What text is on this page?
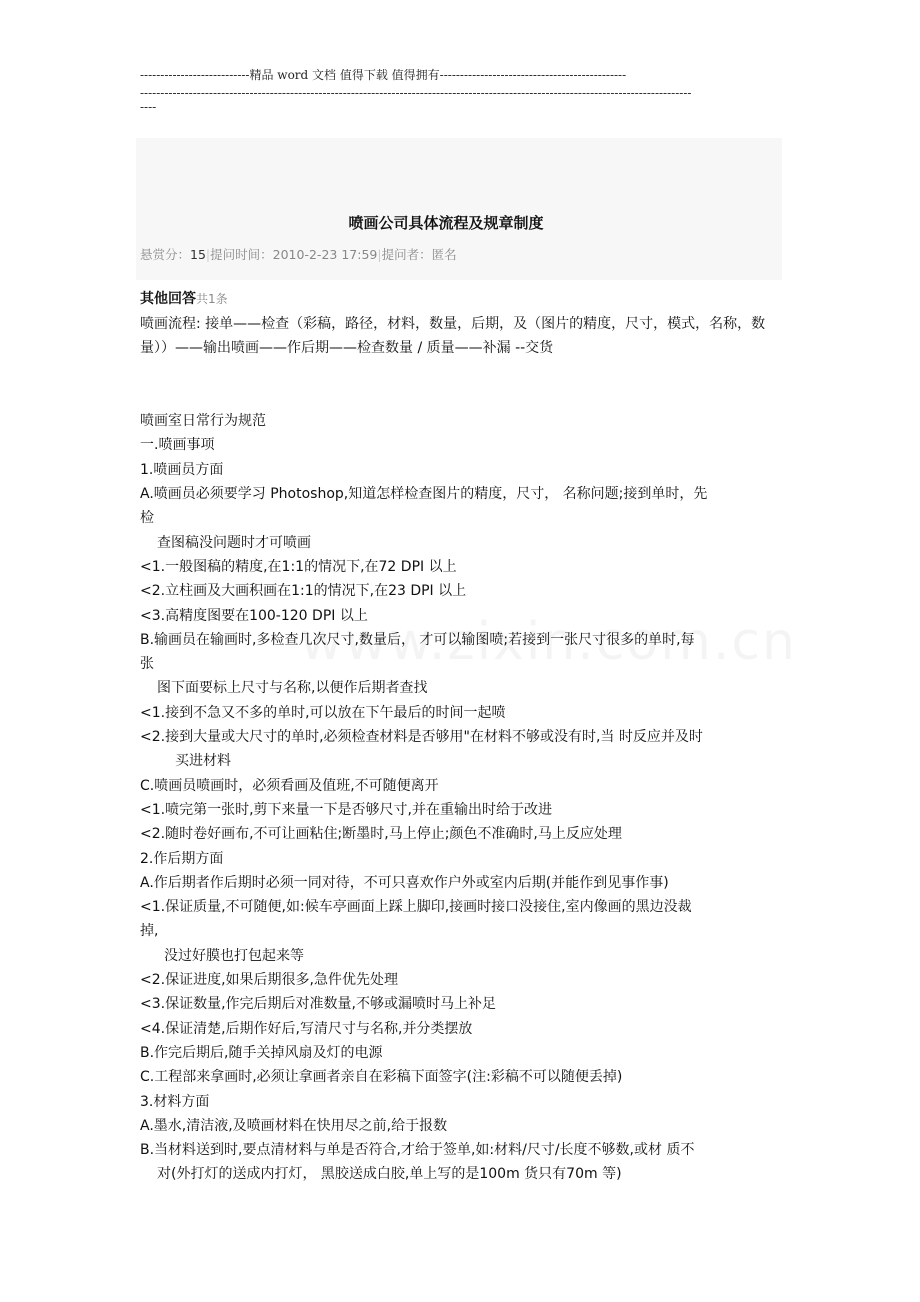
---------------------------精品 word 文档 值得下载 值得拥有----------------------------------------------
----------------------------------------------------------------------------------------------------------------------------------------
----
喷画公司具体流程及规章制度
悬赏分：15|提问时间：2010-2-23 17:59|提问者：匿名
其他回答共1条
喷画流程: 接单——检查（彩稿，路径，材料，数量，后期，及（图片的精度，尺寸，模式，名称，数量））——输出喷画——作后期——检查数量 / 质量——补漏 --交货
喷画室日常行为规范
一.喷画事项
1.喷画员方面
A.喷画员必须要学习 Photoshop,知道怎样检查图片的精度，尺寸， 名称问题;接到单时，先
检
查图稿没问题时才可喷画
<1.一般图稿的精度,在1:1的情况下,在72 DPI 以上
<2.立柱画及大画积画在1:1的情况下,在23 DPI 以上
<3.高精度图要在100-120 DPI 以上
B.输画员在输画时,多检查几次尺寸,数量后， 才可以输图喷;若接到一张尺寸很多的单时,每
张
图下面要标上尺寸与名称,以便作后期者查找
<1.接到不急又不多的单时,可以放在下午最后的时间一起喷
<2.接到大量或大尺寸的单时,必须检查材料是否够用"在材料不够或没有时,当 时反应并及时
买进材料
C.喷画员喷画时，必须看画及值班,不可随便离开
<1.喷完第一张时,剪下来量一下是否够尺寸,并在重输出时给于改进
<2.随时卷好画布,不可让画粘住;断墨时,马上停止;颜色不准确时,马上反应处理
2.作后期方面
A.作后期者作后期时必须一同对待，不可只喜欢作户外或室内后期(并能作到见事作事)
<1.保证质量,不可随便,如:候车亭画面上踩上脚印,接画时接口没接住,室内像画的黑边没裁
掉,
没过好膜也打包起来等
<2.保证进度,如果后期很多,急件优先处理
<3.保证数量,作完后期后对准数量,不够或漏喷时马上补足
<4.保证清楚,后期作好后,写清尺寸与名称,并分类摆放
B.作完后期后,随手关掉风扇及灯的电源
C.工程部来拿画时,必须让拿画者亲自在彩稿下面签字(注:彩稿不可以随便丢掉)
3.材料方面
A.墨水,清洁液,及喷画材料在快用尽之前,给于报数
B.当材料送到时,要点清材料与单是否符合,才给于签单,如:材料/尺寸/长度不够数,或材 质不
对(外打灯的送成内打灯， 黑胶送成白胶,单上写的是100m 货只有70m 等)
